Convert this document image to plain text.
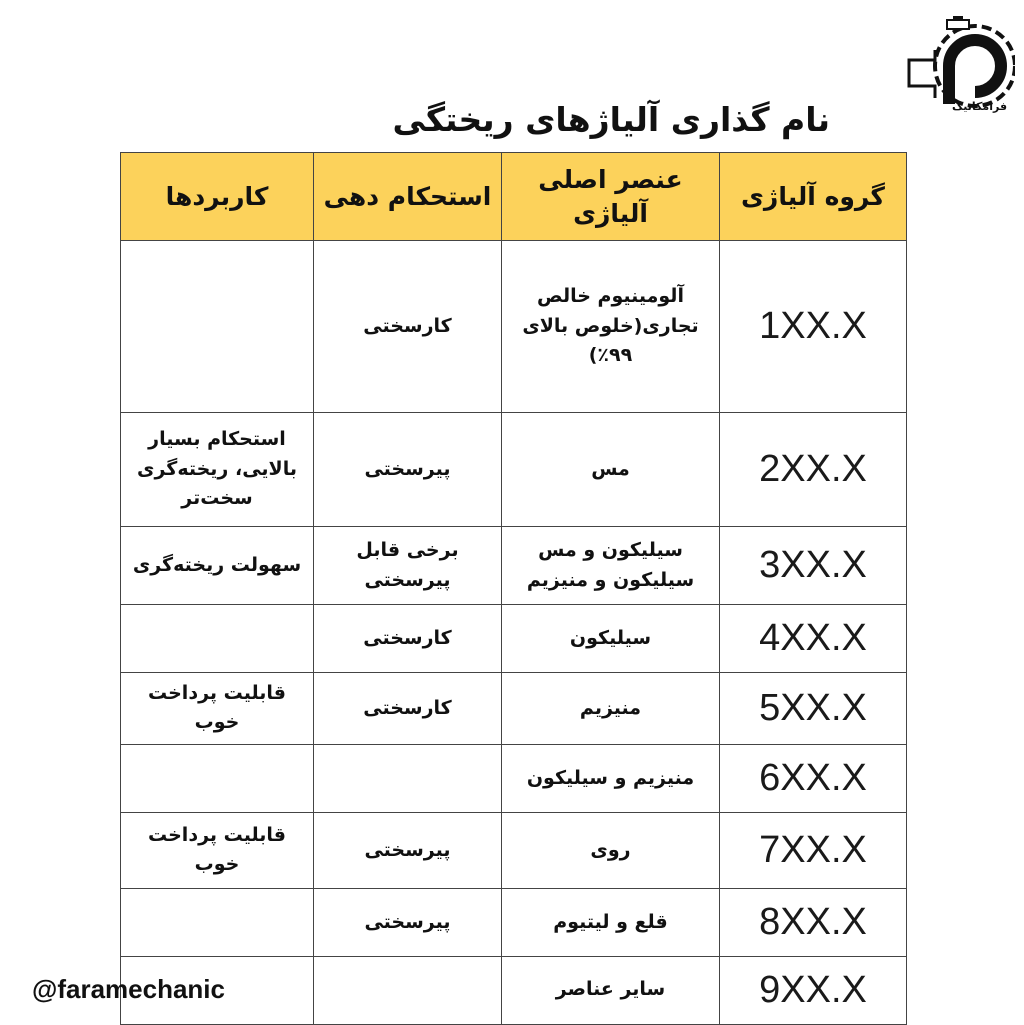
فرامکانیک
نام گذاری آلیاژهای ریختگی
گروه آلیاژی	عنصر اصلی آلیاژی	استحکام دهی	کاربردها
1XX.X	آلومینیوم خالص تجاری(خلوص بالای ۹۹٪)	کارسختی	
2XX.X	مس	پیرسختی	استحکام بسیار بالایی، ریخته‌گری سخت‌تر
3XX.X	سیلیکون و مس سیلیکون و منیزیم	برخی قابل پیرسختی	سهولت ریخته‌گری
4XX.X	سیلیکون	کارسختی	
5XX.X	منیزیم	کارسختی	قابلیت پرداخت خوب
6XX.X	منیزیم و سیلیکون		
7XX.X	روی	پیرسختی	قابلیت پرداخت خوب
8XX.X	قلع و لیتیوم	پیرسختی	
9XX.X	سایر عناصر		
@faramechanic
